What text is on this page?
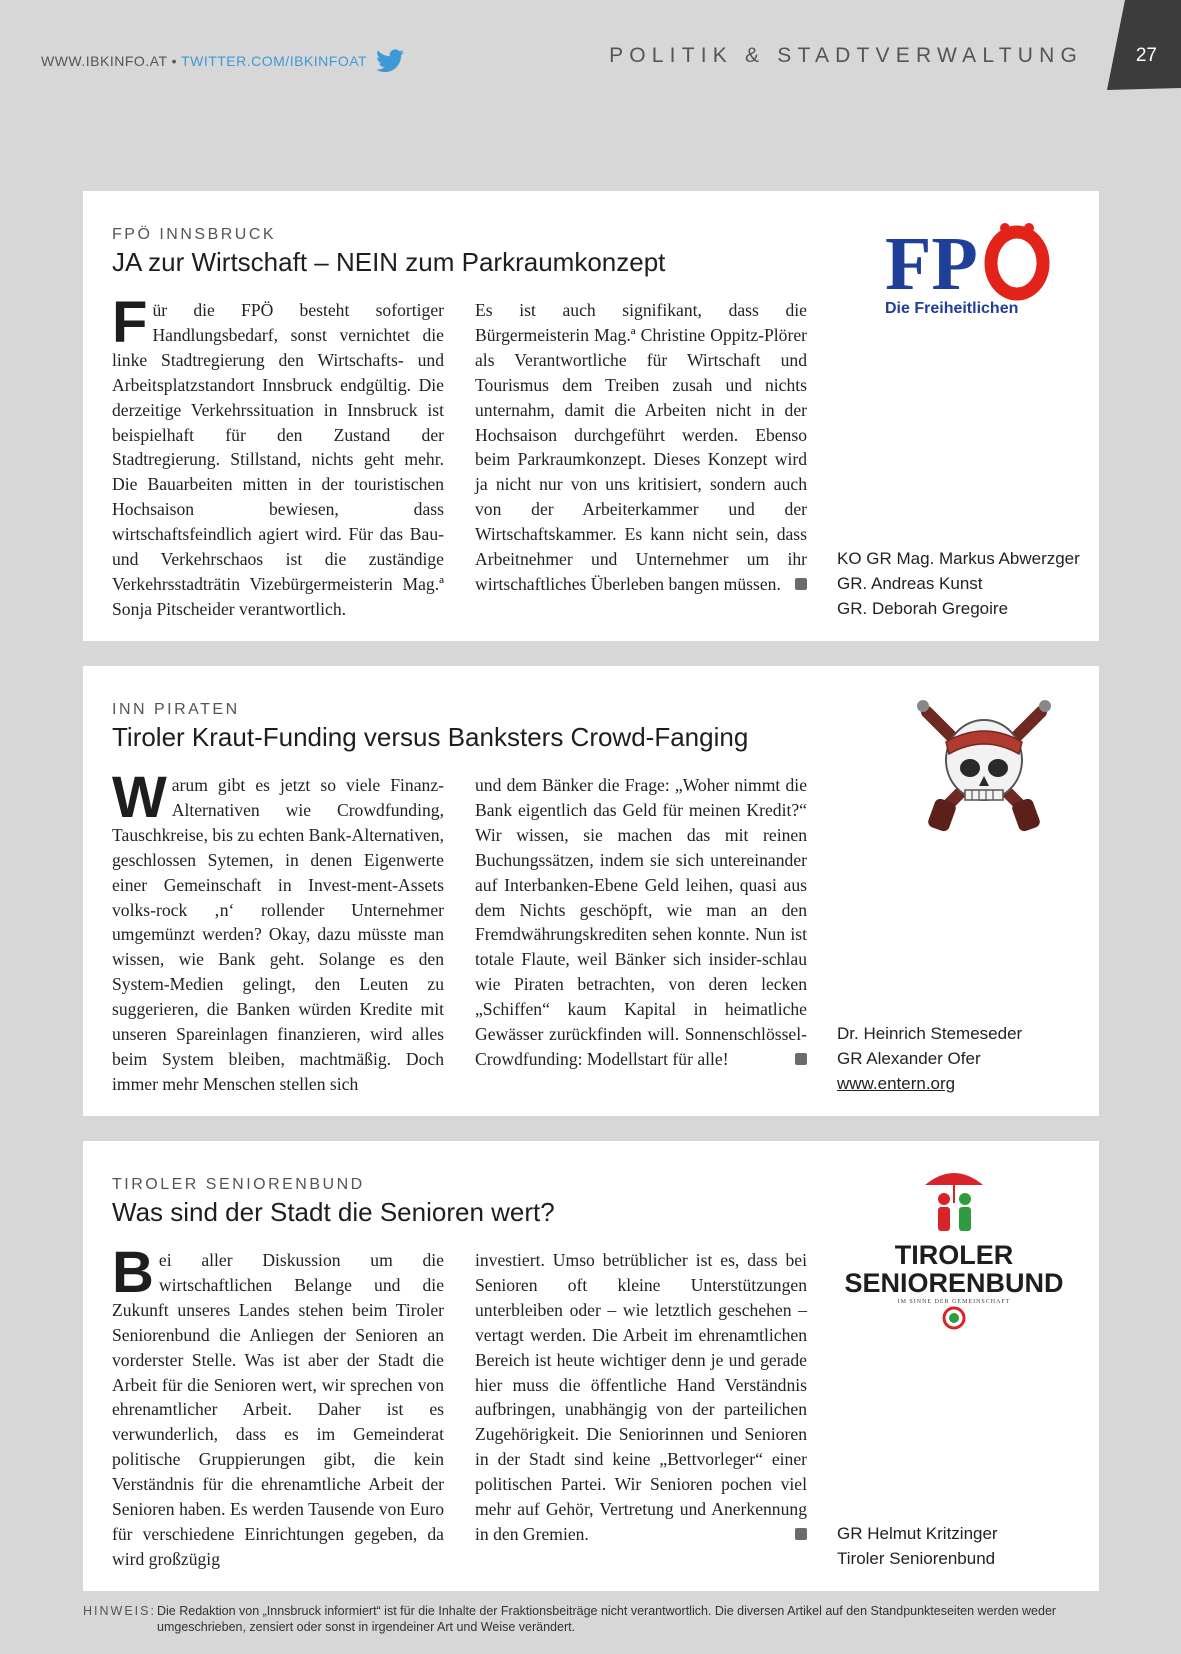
WWW.IBKINFO.AT • TWITTER.COM/IBKINFOAT	POLITIK & STADTVERWALTUNG	27
FPÖ INNSBRUCK
JA zur Wirtschaft – NEIN zum Parkraumkonzept

Für die FPÖ besteht sofortiger Handlungsbedarf, sonst vernichtet die linke Stadtregierung den Wirtschafts- und Arbeitsplatzstandort Innsbruck endgültig. Die derzeitige Verkehrssituation in Innsbruck ist beispielhaft für den Zustand der Stadtregierung. Stillstand, nichts geht mehr. Die Bauarbeiten mitten in der touristischen Hochsaison bewiesen, dass wirtschaftsfeindlich agiert wird. Für das Bau- und Verkehrschaos ist die zuständige Verkehrsstadträtin Vizebürgermeisterin Mag.ª Sonja Pitscheider verantwortlich.

Es ist auch signifikant, dass die Bürgermeisterin Mag.ª Christine Oppitz-Plörer als Verantwortliche für Wirtschaft und Tourismus dem Treiben zusah und nichts unternahm, damit die Arbeiten nicht in der Hochsaison durchgeführt werden. Ebenso beim Parkraumkonzept. Dieses Konzept wird ja nicht nur von uns kritisiert, sondern auch von der Arbeiterkammer und der Wirtschaftskammer. Es kann nicht sein, dass Arbeitnehmer und Unternehmer um ihr wirtschaftliches Überleben bangen müssen.

FP
Die Freiheitlichen
KO GR Mag. Markus Abwerzger
GR. Andreas Kunst
GR. Deborah Gregoire
INN PIRATEN
Tiroler Kraut-Funding versus Banksters Crowd-Fanging

Warum gibt es jetzt so viele Finanz-Alternativen wie Crowdfunding, Tauschkreise, bis zu echten Bank-Alternativen, geschlossen Sytemen, in denen Eigenwerte einer Gemeinschaft in Invest-ment-Assets volks-rock ‚n‘ rollender Unternehmer umgemünzt werden? Okay, dazu müsste man wissen, wie Bank geht. Solange es den System-Medien gelingt, den Leuten zu suggerieren, die Banken würden Kredite mit unseren Spareinlagen finanzieren, wird alles beim System bleiben, machtmäßig. Doch immer mehr Menschen stellen sich

und dem Bänker die Frage: „Woher nimmt die Bank eigentlich das Geld für meinen Kredit?“ Wir wissen, sie machen das mit reinen Buchungssätzen, indem sie sich untereinander auf Interbanken-Ebene Geld leihen, quasi aus dem Nichts geschöpft, wie man an den Fremdwährungskrediten sehen konnte. Nun ist totale Flaute, weil Bänker sich insider-schlau wie Piraten betrachten, von deren lecken „Schiffen“ kaum Kapital in heimatliche Gewässer zurückfinden will. Sonnenschlössel- Crowdfunding: Modellstart für alle!

Dr. Heinrich Stemeseder
GR Alexander Ofer
www.entern.org
TIROLER SENIORENBUND
Was sind der Stadt die Senioren wert?

Bei aller Diskussion um die wirtschaftlichen Belange und die Zukunft unseres Landes stehen beim Tiroler Seniorenbund die Anliegen der Senioren an vorderster Stelle. Was ist aber der Stadt die Arbeit für die Senioren wert, wir sprechen von ehrenamtlicher Arbeit. Daher ist es verwunderlich, dass es im Gemeinderat politische Gruppierungen gibt, die kein Verständnis für die ehrenamtliche Arbeit der Senioren haben. Es werden Tausende von Euro für verschiedene Einrichtungen gegeben, da wird großzügig

investiert. Umso betrüblicher ist es, dass bei Senioren oft kleine Unterstützungen unterbleiben oder – wie letztlich geschehen – vertagt werden. Die Arbeit im ehrenamtlichen Bereich ist heute wichtiger denn je und gerade hier muss die öffentliche Hand Verständnis aufbringen, unabhängig von der parteilichen Zugehörigkeit. Die Seniorinnen und Senioren in der Stadt sind keine „Bettvorleger“ einer politischen Partei. Wir Senioren pochen viel mehr auf Gehör, Vertretung und Anerkennung in den Gremien.

TIROLER
SENIORENBUND
IM SINNE DER GEMEINSCHAFT
GR Helmut Kritzinger
Tiroler Seniorenbund
HINWEIS: Die Redaktion von „Innsbruck informiert“ ist für die Inhalte der Fraktionsbeiträge nicht verantwortlich. Die diversen Artikel auf den Standpunkteseiten werden weder umgeschrieben, zensiert oder sonst in irgendeiner Art und Weise verändert.
